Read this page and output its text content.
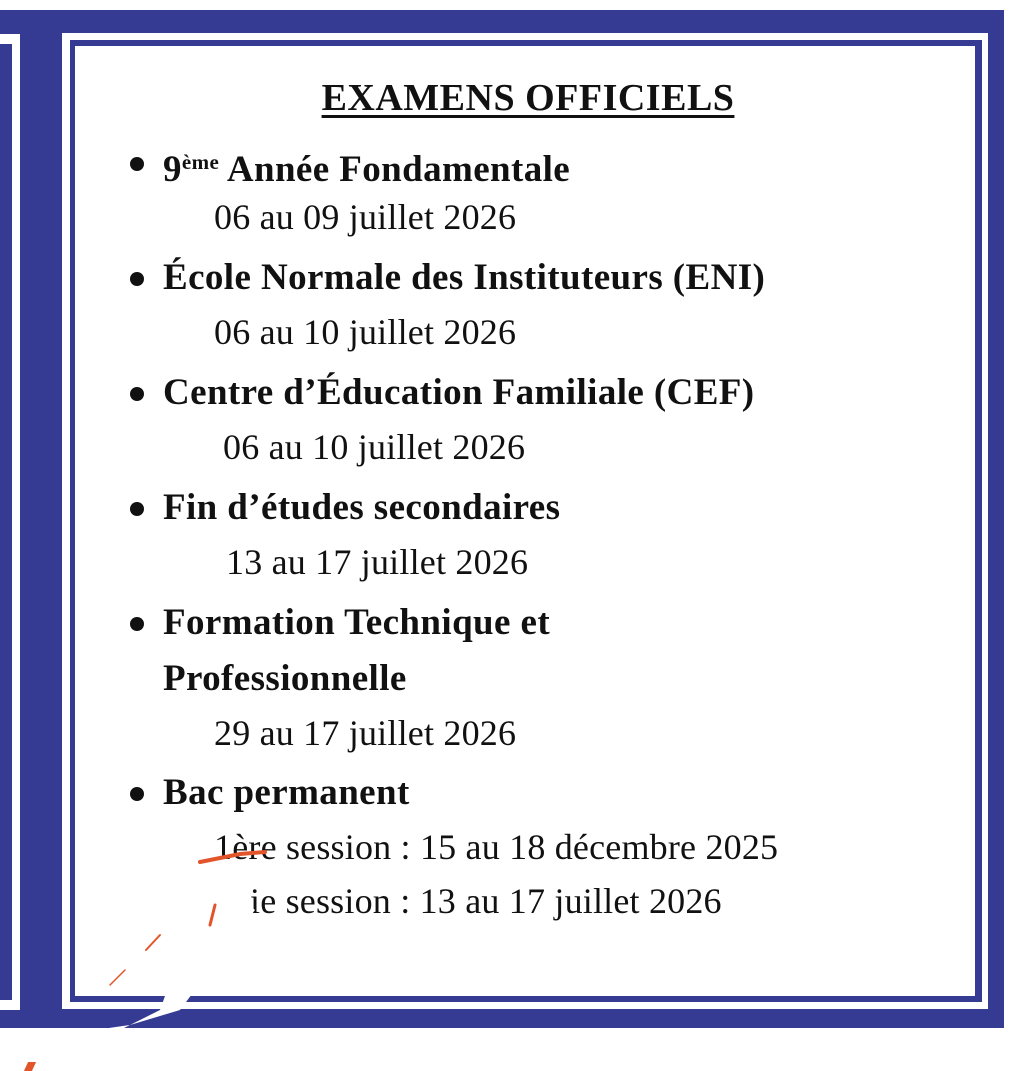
EXAMENS OFFICIELS
9ème Année Fondamentale
06 au 09 juillet 2026
École Normale des Instituteurs (ENI)
06 au 10 juillet 2026
Centre d’Éducation Familiale (CEF)
06 au 10 juillet 2026
Fin d’études secondaires
13 au 17 juillet 2026
Formation Technique et
Professionnelle
29 au 17 juillet 2026
Bac permanent
1ère session : 15 au 18 décembre 2025
ie session : 13 au 17 juillet 2026
